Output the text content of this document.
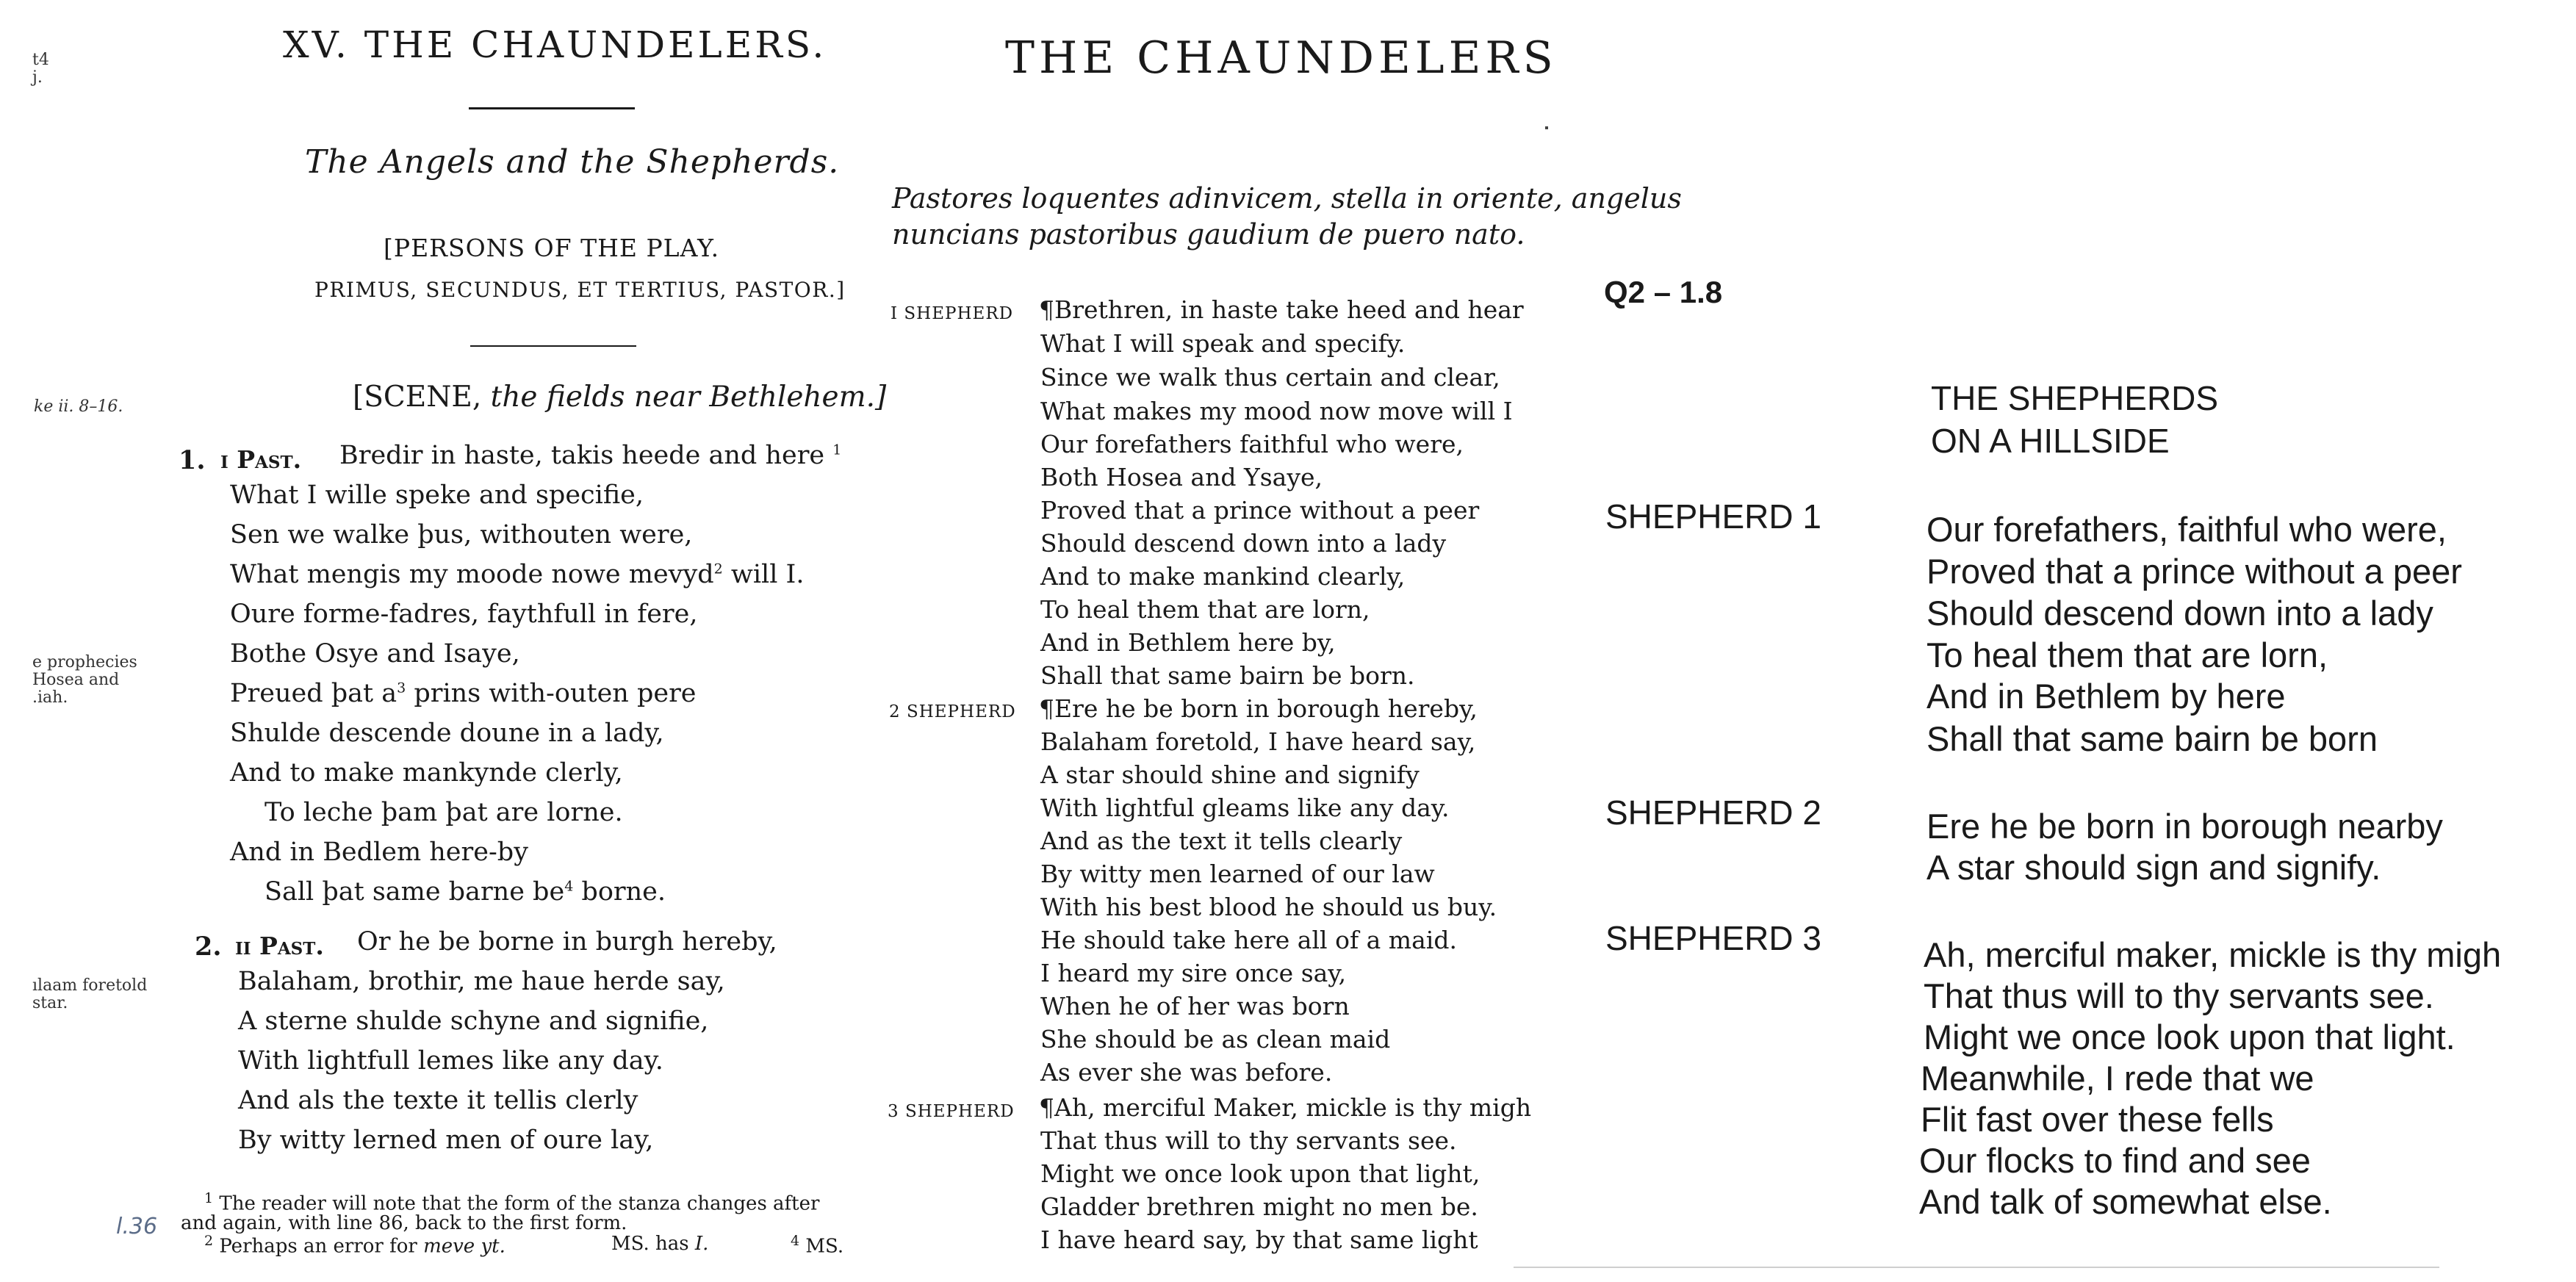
t4
j.
XV. THE CHAUNDELERS.
The Angels and the Shepherds.
[PERSONS OF THE PLAY.
PRIMUS, SECUNDUS, ET TERTIUS, PASTOR.]
ke ii. 8–16.	[SCENE, the fields near Bethlehem.]
1. i Past. Bredir in haste, takis heede and here $^1$
What I wille speke and specifie,
Sen we walke þus, withouten were,
What mengis my moode nowe mevyd$^2$ will I.
Oure forme-fadres, faythfull in fere,
e prophecies
Hosea and
.iah.
Bothe Osye and Isaye,
Preued þat $a^3$ prins with-outen pere
Shulde descende doune in a lady,
And to make mankynde clerly,
To leche þam þat are lorne.
And in Bedlem here-by
Sall þat same barne $be^4$ borne.
2. ii Past. Or he be borne in burgh hereby,
ılaam foretold
star.
Balaham, brothir, me haue herde say,
A sterne shulde schyne and signifie,
With lightfull lemes like any day.
And als the texte it tellis clerly
By witty lerned men of oure lay,
$^1$ The reader will note that the form of the stanza changes after
l.36 and again, with line 86, back to the first form.
$^2$ Perhaps an error for meve yt.	MS. has I.	$^4$ MS.
THE CHAUNDELERS
Pastores loquentes adinvicem, stella in oriente, angelus
nuncians pastoribus gaudium de puero nato.
I SHEPHERD ¶Brethren, in haste take heed and hear
What I will speak and specify.
Since we walk thus certain and clear,
What makes my mood now move will I
Our forefathers faithful who were,
Both Hosea and Ysaye,
Proved that a prince without a peer
Should descend down into a lady
And to make mankind clearly,
To heal them that are lorn,
And in Bethlem here by,
Shall that same bairn be born.
2 SHEPHERD ¶Ere he be born in borough hereby,
Balaham foretold, I have heard say,
A star should shine and signify
With lightful gleams like any day.
And as the text it tells clearly
By witty men learned of our law
With his best blood he should us buy.
He should take here all of a maid.
I heard my sire once say,
When he of her was born
She should be as clean maid
As ever she was before.
3 SHEPHERD ¶Ah, merciful Maker, mickle is thy migh
That thus will to thy servants see.
Might we once look upon that light,
Gladder brethren might no men be.
I have heard say, by that same light
Q2 – 1.8
THE SHEPHERDS
ON A HILLSIDE
SHEPHERD 1	Our forefathers, faithful who were,
Proved that a prince without a peer
Should descend down into a lady
To heal them that are lorn,
And in Bethlem by here
Shall that same bairn be born
SHEPHERD 2	Ere he be born in borough nearby
A star should sign and signify.
SHEPHERD 3	Ah, merciful maker, mickle is thy migh
That thus will to thy servants see.
Might we once look upon that light.
Meanwhile, I rede that we
Flit fast over these fells
Our flocks to find and see
And talk of somewhat else.
